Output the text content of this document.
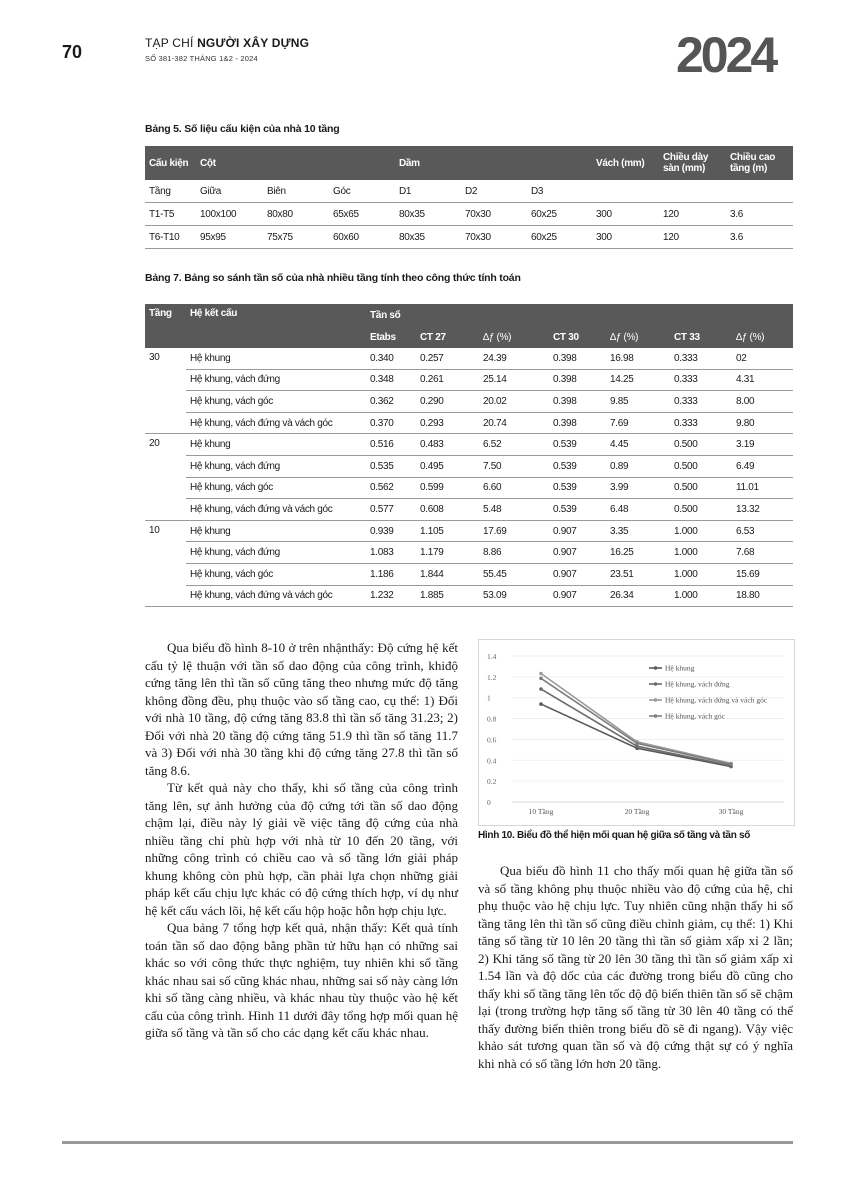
70	TẠP CHÍ NGƯỜI XÂY DỰNG
SỐ 381-382 THÁNG 1&2 - 2024	2024
Bảng 5. Số liệu cấu kiện của nhà 10 tầng
Cấu kiện	Cột			Dầm			Vách (mm)	Chiều dày sàn (mm)	Chiều cao tầng (m)
Tầng	Giữa	Biên	Góc	D1	D2	D3			
T1-T5	100x100	80x80	65x65	80x35	70x30	60x25	300	120	3.6
T6-T10	95x95	75x75	60x60	80x35	70x30	60x25	300	120	3.6
Bảng 7. Bảng so sánh tần số của nhà nhiều tầng tính theo công thức tính toán
Tầng	Hệ kết cấu	Tần số						
		Etabs	CT 27	∆ƒ (%)	CT 30	∆ƒ (%)	CT 33	∆ƒ (%)
30	Hệ khung	0.340	0.257	24.39	0.398	16.98	0.333	02
	Hệ khung, vách đứng	0.348	0.261	25.14	0.398	14.25	0.333	4.31
	Hệ khung, vách góc	0.362	0.290	20.02	0.398	9.85	0.333	8.00
	Hệ khung, vách đứng và vách góc	0.370	0.293	20.74	0.398	7.69	0.333	9.80
20	Hệ khung	0.516	0.483	6.52	0.539	4.45	0.500	3.19
	Hệ khung, vách đứng	0.535	0.495	7.50	0.539	0.89	0.500	6.49
	Hệ khung, vách góc	0.562	0.599	6.60	0.539	3.99	0.500	11.01
	Hệ khung, vách đứng và vách góc	0.577	0.608	5.48	0.539	6.48	0.500	13.32
10	Hệ khung	0.939	1.105	17.69	0.907	3.35	1.000	6.53
	Hệ khung, vách đứng	1.083	1.179	8.86	0.907	16.25	1.000	7.68
	Hệ khung, vách góc	1.186	1.844	55.45	0.907	23.51	1.000	15.69
	Hệ khung, vách đứng và vách góc	1.232	1.885	53.09	0.907	26.34	1.000	18.80

Qua biểu đồ hình 8-10 ở trên nhậnthấy: Độ cứng hệ kết cấu tỷ lệ thuận với tần số dao động của công trình, khiđộ cứng tăng lên thì tần số cũng tăng theo nhưng mức độ tăng không đồng đều, phụ thuộc vào số tầng cao, cụ thể: 1) Đối với nhà 10 tầng, độ cứng tăng 83.8 thì tần số tăng 31.23; 2) Đối với nhà 20 tầng độ cứng tăng 51.9 thì tần số tăng 11.7 và 3) Đối với nhà 30 tầng khi độ cứng tăng 27.8 thì tần số tăng 8.6.

Từ kết quả này cho thấy, khi số tầng của công trình tăng lên, sự ảnh hưởng của độ cứng tới tần số dao động chậm lại, điều này lý giải về việc tăng độ cứng của nhà nhiều tầng chỉ phù hợp với nhà từ 10 đến 20 tầng, với những công trình có chiều cao và số tầng lớn giải pháp khung không còn phù hợp, cần phải lựa chọn những giải pháp kết cấu chịu lực khác có độ cứng thích hợp, ví dụ như hệ kết cấu vách lõi, hệ kết cấu hộp hoặc hỗn hợp chịu lực.

Qua bảng 7 tổng hợp kết quả, nhận thấy: Kết quả tính toán tần số dao động bằng phần tử hữu hạn có những sai khác so với công thức thực nghiệm, tuy nhiên khi số tầng khác nhau sai số cũng khác nhau, những sai số này càng lớn khi số tầng càng nhiều, và khác nhau tùy thuộc vào hệ kết cấu của công trình. Hình 11 dưới đây tổng hợp mối quan hệ giữa số tầng và tần số cho các dạng kết cấu khác nhau.

0
0.2
0.4
0.6
0.8
1
1.2
1.4
10 Tầng	20 Tầng	30 Tầng
Hệ khung
Hệ khung, vách đứng
Hệ khung, vách đứng và vách góc
Hệ khung, vách góc
Hình 10. Biểu đồ thể hiện mối quan hệ giữa số tầng và tần số

Qua biểu đồ hình 11 cho thấy mối quan hệ giữa tần số và số tầng không phụ thuộc nhiều vào độ cứng của hệ, chỉ phụ thuộc vào hệ chịu lực. Tuy nhiên cũng nhận thấy hi số tầng tăng lên thì tần số cũng điều chỉnh giảm, cụ thể: 1) Khi tăng số tầng từ 10 lên 20 tầng thì tần số giảm xấp xỉ 2 lần; 2) Khi tăng số tầng từ 20 lên 30 tầng thì tần số giảm xấp xỉ 1.54 lần và độ dốc của các đường trong biểu đồ cũng cho thấy khi số tầng tăng lên tốc độ độ biến thiên tần số sẽ chậm lại (trong trường hợp tăng số tầng từ 30 lên 40 tầng có thể thấy đường biến thiên trong biểu đồ sẽ đi ngang). Vậy việc khảo sát tương quan tần số và độ cứng thật sự có ý nghĩa khi nhà có số tầng lớn hơn 20 tầng.
